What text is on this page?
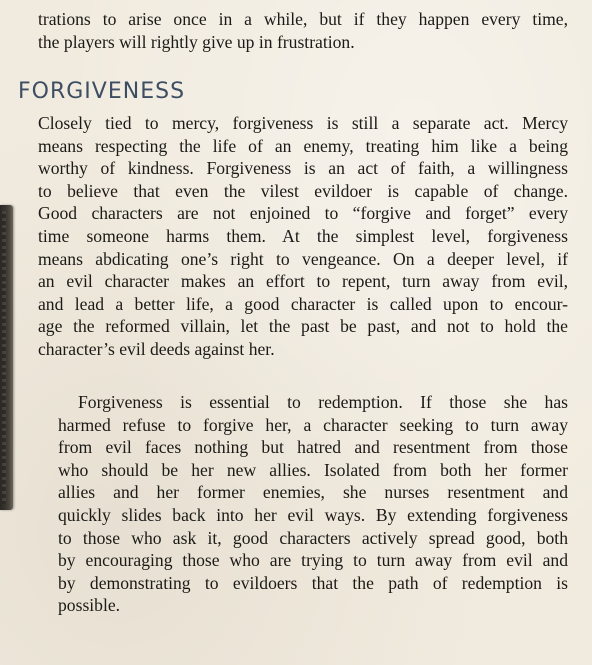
trations to arise once in a while, but if they happen every time,
the players will rightly give up in frustration.
FORGIVENESS
Closely tied to mercy, forgiveness is still a separate act. Mercy
means respecting the life of an enemy, treating him like a being
worthy of kindness. Forgiveness is an act of faith, a willingness
to believe that even the vilest evildoer is capable of change.
Good characters are not enjoined to “forgive and forget” every
time someone harms them. At the simplest level, forgiveness
means abdicating one’s right to vengeance. On a deeper level, if
an evil character makes an effort to repent, turn away from evil,
and lead a better life, a good character is called upon to encour-
age the reformed villain, let the past be past, and not to hold the
character’s evil deeds against her.
Forgiveness is essential to redemption. If those she has
harmed refuse to forgive her, a character seeking to turn away
from evil faces nothing but hatred and resentment from those
who should be her new allies. Isolated from both her former
allies and her former enemies, she nurses resentment and
quickly slides back into her evil ways. By extending forgiveness
to those who ask it, good characters actively spread good, both
by encouraging those who are trying to turn away from evil and
by demonstrating to evildoers that the path of redemption is
possible.
